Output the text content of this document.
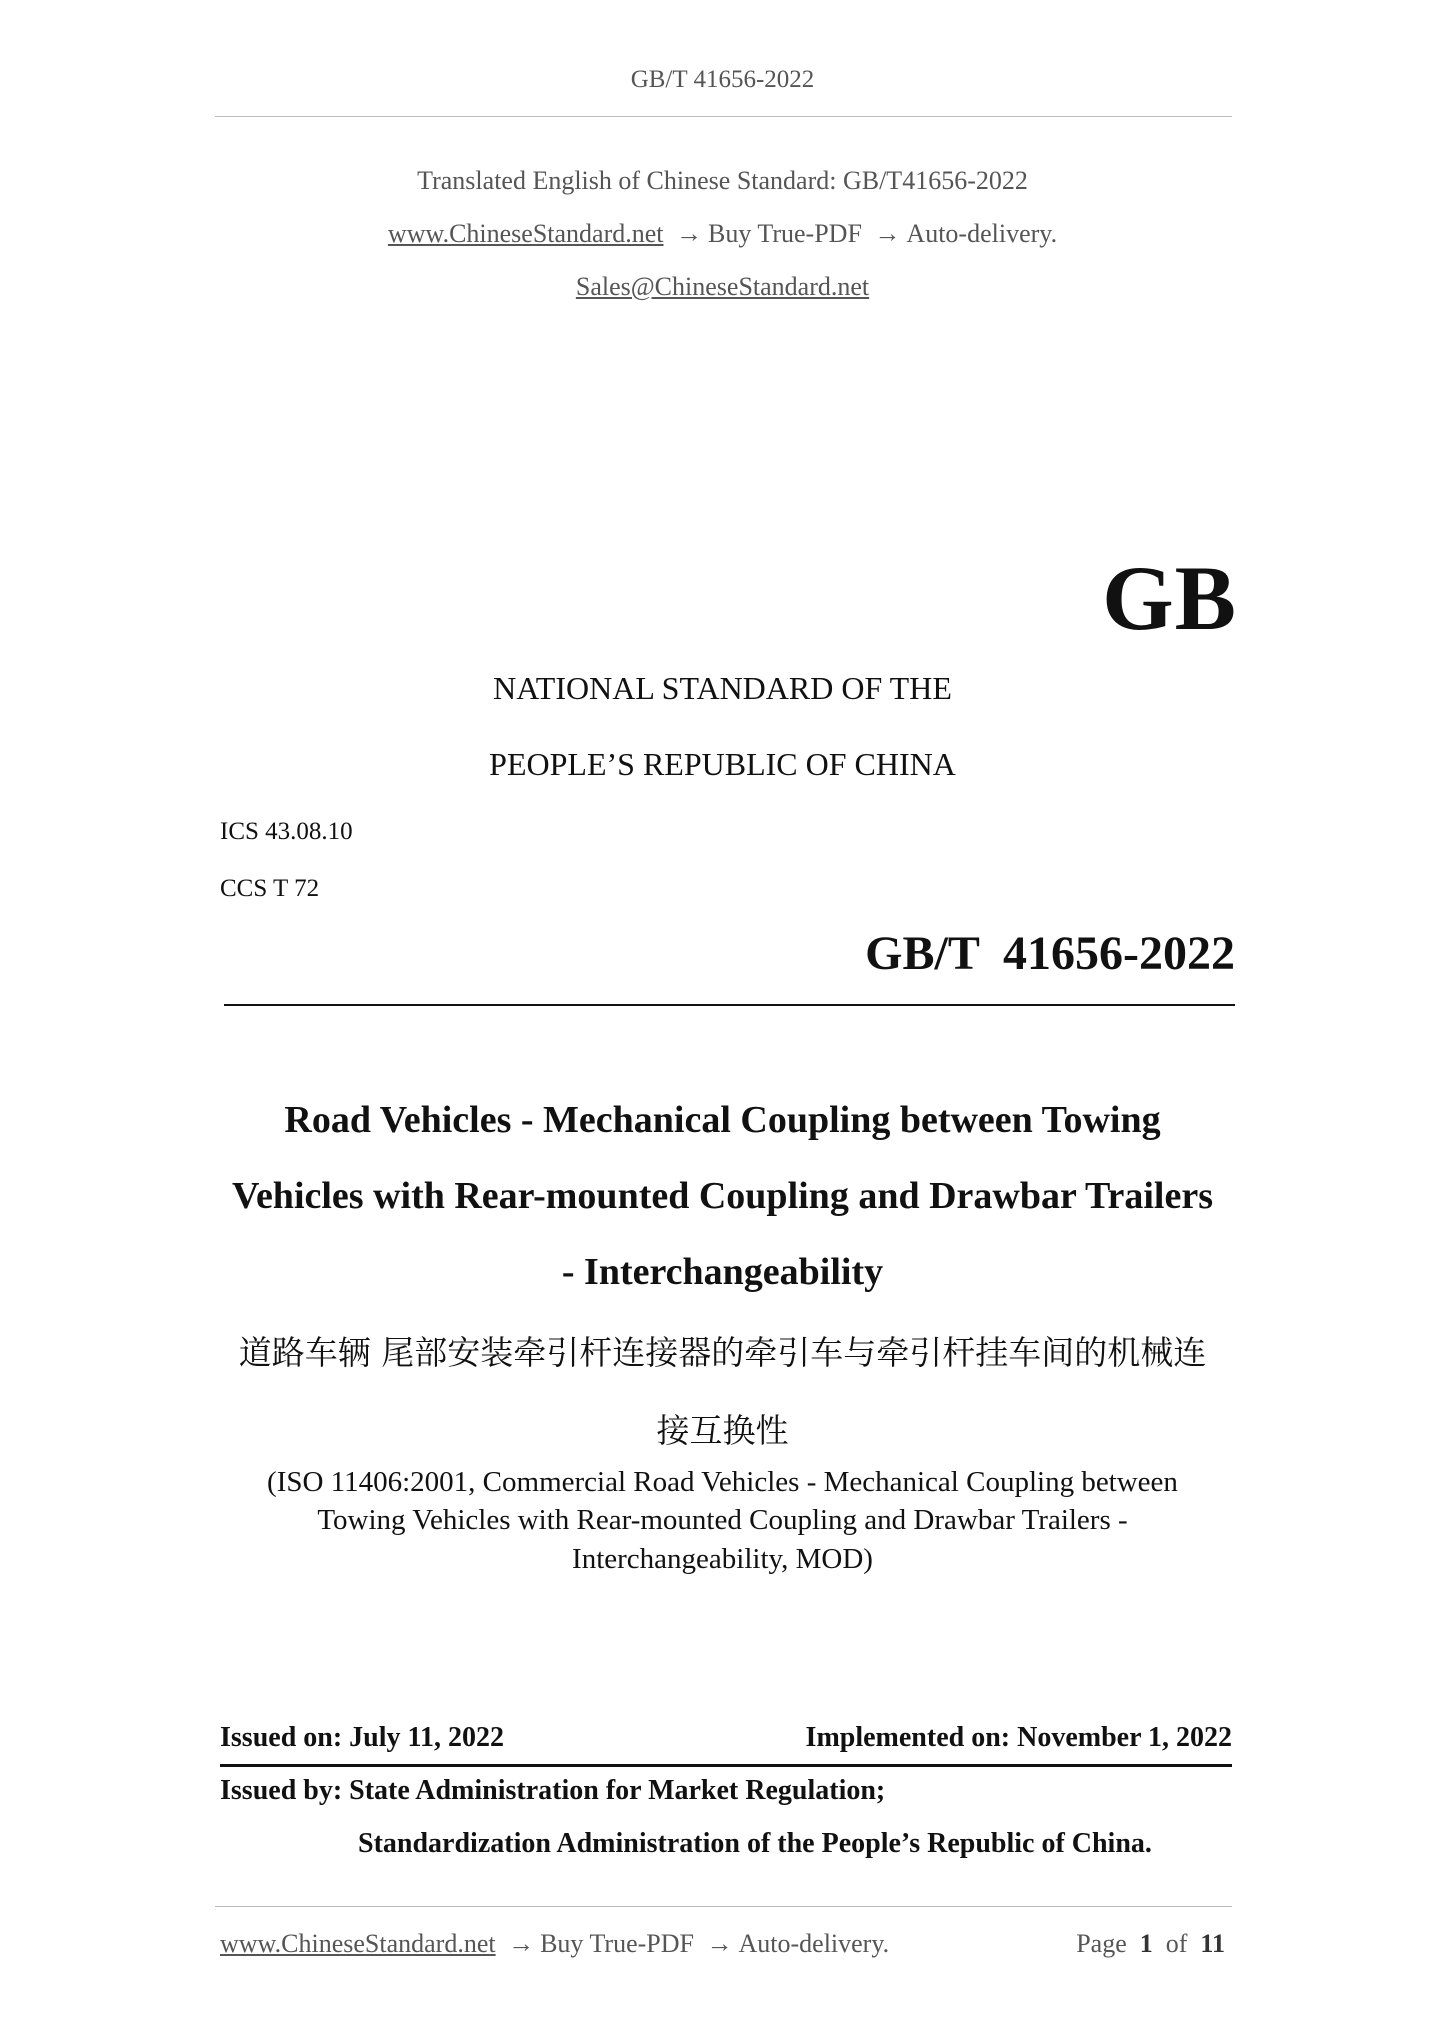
GB/T 41656-2022
Translated English of Chinese Standard: GB/T41656-2022
www.ChineseStandard.net → Buy True-PDF → Auto-delivery.
Sales@ChineseStandard.net
GB
NATIONAL STANDARD OF THE
PEOPLE’S REPUBLIC OF CHINA
ICS 43.08.10
CCS T 72
GB/T  41656-2022
Road Vehicles - Mechanical Coupling between Towing
Vehicles with Rear-mounted Coupling and Drawbar Trailers
- Interchangeability
道路车辆 尾部安装牵引杆连接器的牵引车与牵引杆挂车间的机械连
接互换性
(ISO 11406:2001, Commercial Road Vehicles - Mechanical Coupling between
Towing Vehicles with Rear-mounted Coupling and Drawbar Trailers -
Interchangeability, MOD)
Issued on: July 11, 2022	Implemented on: November 1, 2022
Issued by: State Administration for Market Regulation;
Standardization Administration of the People’s Republic of China.
www.ChineseStandard.net → Buy True-PDF → Auto-delivery.	Page 1 of 11
